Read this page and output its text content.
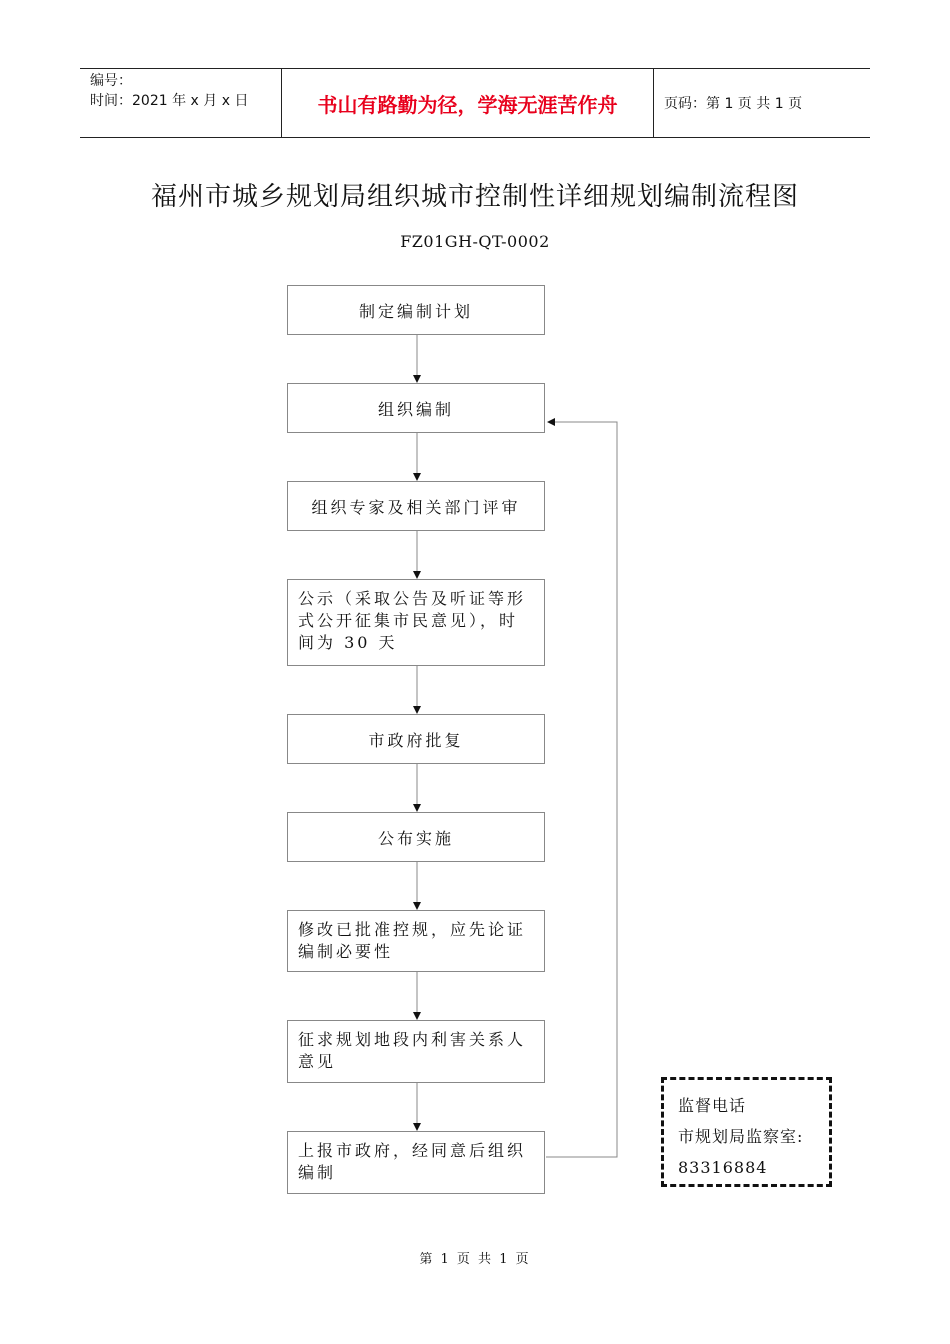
编号：
时间：2021 年 x 月 x 日	书山有路勤为径，学海无涯苦作舟	页码：第 1 页 共 1 页
福州市城乡规划局组织城市控制性详细规划编制流程图
FZ01GH-QT-0002
制定编制计划
组织编制
组织专家及相关部门评审
公示（采取公告及听证等形式公开征集市民意见），时间为 30 天
市政府批复
公布实施
修改已批准控规，应先论证编制必要性
征求规划地段内利害关系人意见
上报市政府，经同意后组织编制
监督电话
市规划局监察室:
83316884
第 1 页 共 1 页
